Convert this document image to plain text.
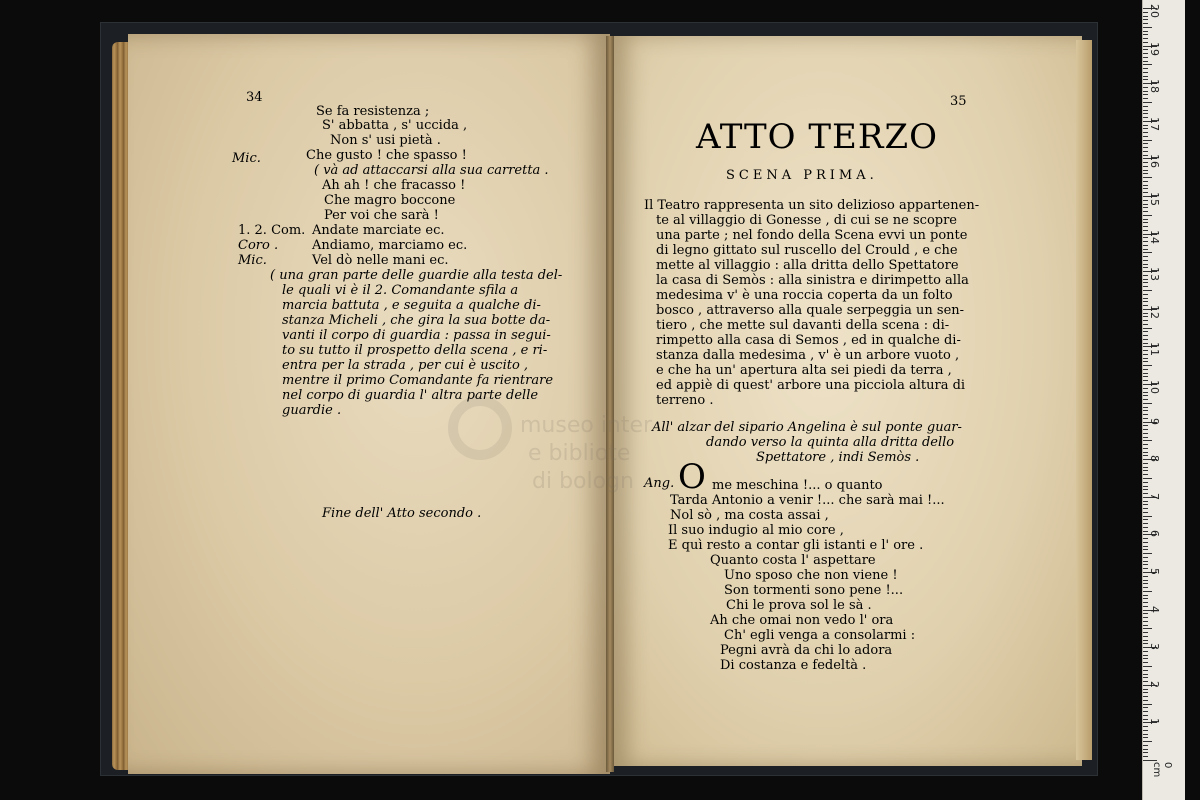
museo inter
e bibliote
di bologn
34
Se fa resistenza ;
S' abbatta , s' uccida ,
Non s' usi pietà .
Mic.	Che gusto ! che spasso !
( và ad attaccarsi alla sua carretta .
Ah ah ! che fracasso !
Che magro boccone
Per voi che sarà !
1. 2. Com. Andate marciate ec.
Coro .	Andiamo, marciamo ec.
Mic.	Vel dò nelle mani ec.
( una gran parte delle guardie alla testa del-
le quali vi è il 2. Comandante sfila a
marcia battuta , e seguita a qualche di-
stanza Micheli , che gira la sua botte da-
vanti il corpo di guardia : passa in segui-
to su tutto il prospetto della scena , e ri-
entra per la strada , per cui è uscito ,
mentre il primo Comandante fa rientrare
nel corpo di guardia l' altra parte delle
guardie .
Fine dell' Atto secondo .
35
ATTO TERZO
SCENA PRIMA.
Il Teatro rappresenta un sito delizioso appartenen-
te al villaggio di Gonesse , di cui se ne scopre
una parte ; nel fondo della Scena evvi un ponte
di legno gittato sul ruscello del Crould , e che
mette al villaggio : alla dritta dello Spettatore
la casa di Semòs : alla sinistra e dirimpetto alla
medesima v' è una roccia coperta da un folto
bosco , attraverso alla quale serpeggia un sen-
tiero , che mette sul davanti della scena : di-
rimpetto alla casa di Semos , ed in qualche di-
stanza dalla medesima , v' è un arbore vuoto ,
e che ha un' apertura alta sei piedi da terra ,
ed appiè di quest' arbore una picciola altura di
terreno .
All' alzar del sipario Angelina è sul ponte guar-
dando verso la quinta alla dritta dello
Spettatore , indi Semòs .
Ang. O me meschina !... o quanto
Tarda Antonio a venir !... che sarà mai !...
Nol sò , ma costa assai ,
Il suo indugio al mio core ,
E quì resto a contar gli istanti e l' ore .
Quanto costa l' aspettare
Uno sposo che non viene !
Son tormenti sono pene !...
Chi le prova sol le sà .
Ah che omai non vedo l' ora
Ch' egli venga a consolarmi :
Pegni avrà da chi lo adora
Di costanza e fedeltà .
0 cm
20
19
18
17
16
15
14
13
12
11
10
9
8
7
6
5
4
3
2
1
